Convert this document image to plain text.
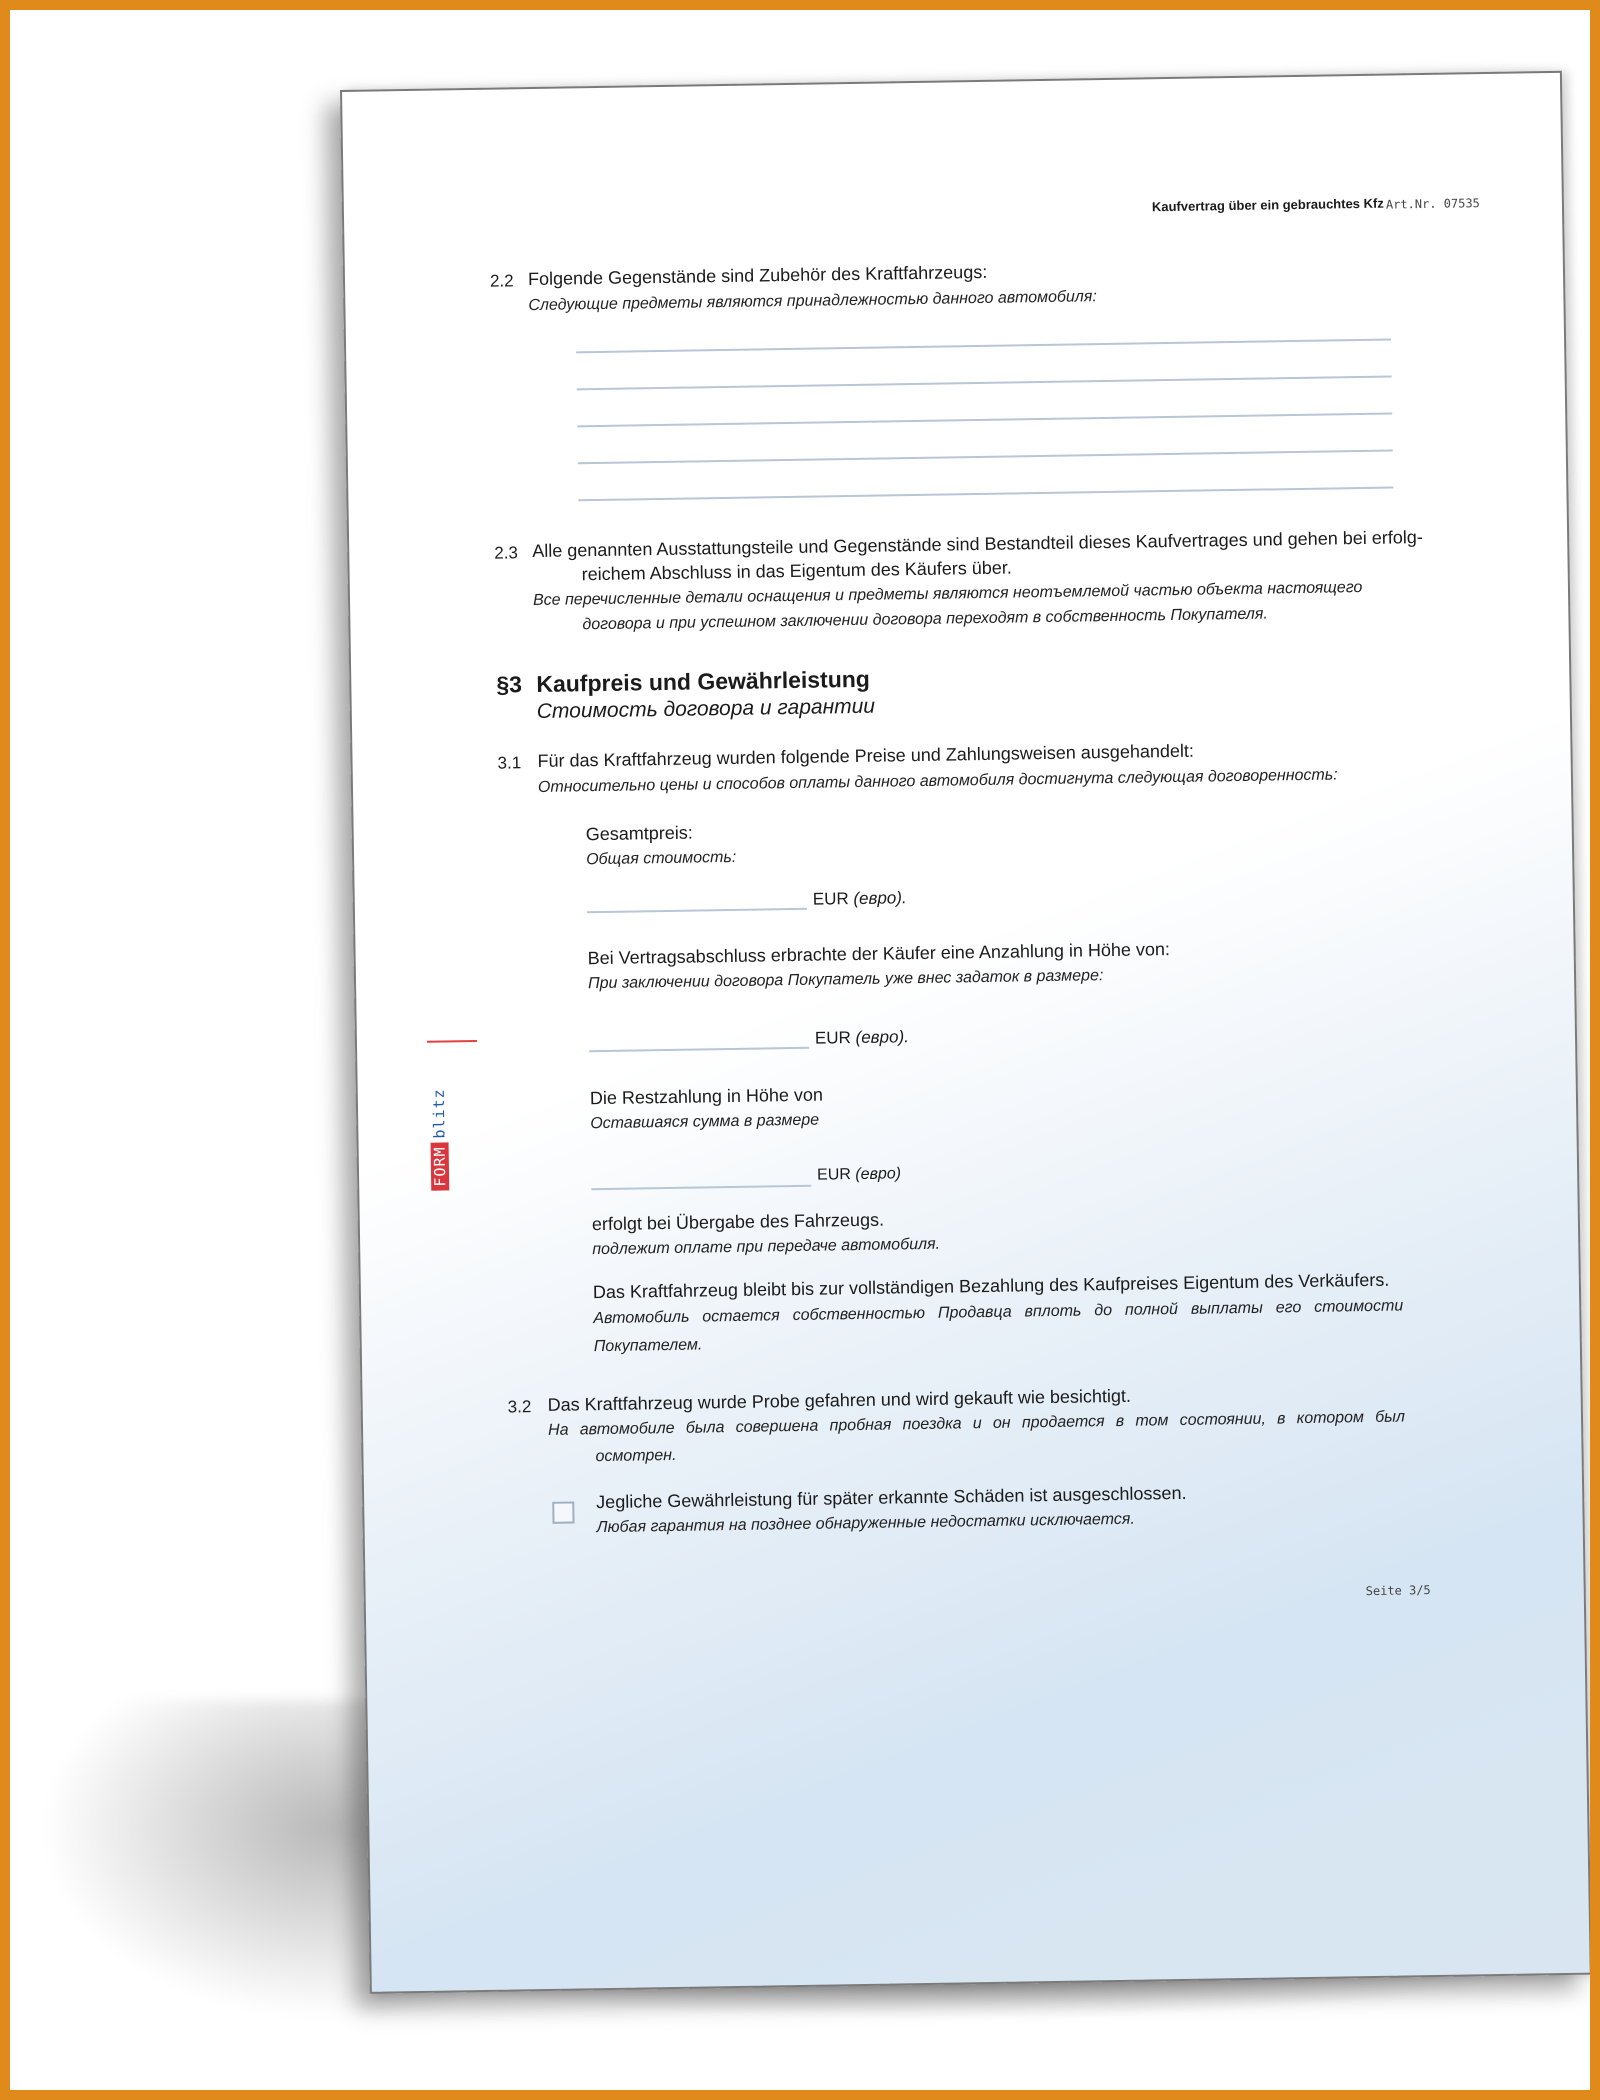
Kaufvertrag über ein gebrauchtes Kfz Art.Nr. 07535
2.2 Folgende Gegenstände sind Zubehör des Kraftfahrzeugs:
Следующие предметы являются принадлежностью данного автомобиля:
2.3 Alle genannten Ausstattungsteile und Gegenstände sind Bestandteil dieses Kaufvertrages und gehen bei erfolg-
reichem Abschluss in das Eigentum des Käufers über.
Все перечисленные детали оснащения и предметы являются неотъемлемой частью объекта настоящего
договора и при успешном заключении договора переходят в собственность Покупателя.
§3 Kaufpreis und Gewährleistung
Стоимость договора и гарантии
3.1 Für das Kraftfahrzeug wurden folgende Preise und Zahlungsweisen ausgehandelt:
Относительно цены и способов оплаты данного автомобиля достигнута следующая договоренность:
Gesamtpreis:
Общая стоимость:
EUR (евро).
Bei Vertragsabschluss erbrachte der Käufer eine Anzahlung in Höhe von:
При заключении договора Покупатель уже внес задаток в размере:
EUR (евро).
Die Restzahlung in Höhe von
Оставшаяся сумма в размере
EUR (евро)
erfolgt bei Übergabe des Fahrzeugs.
подлежит оплате при передаче автомобиля.
Das Kraftfahrzeug bleibt bis zur vollständigen Bezahlung des Kaufpreises Eigentum des Verkäufers.
Автомобиль остается собственностью Продавца вплоть до полной выплаты его стоимости
Покупателем.
3.2 Das Kraftfahrzeug wurde Probe gefahren und wird gekauft wie besichtigt.
На автомобиле была совершена пробная поездка и он продается в том состоянии, в котором был
осмотрен.
Jegliche Gewährleistung für später erkannte Schäden ist ausgeschlossen.
Любая гарантия на позднее обнаруженные недостатки исключается.
Seite 3/5
FORM
blitz
